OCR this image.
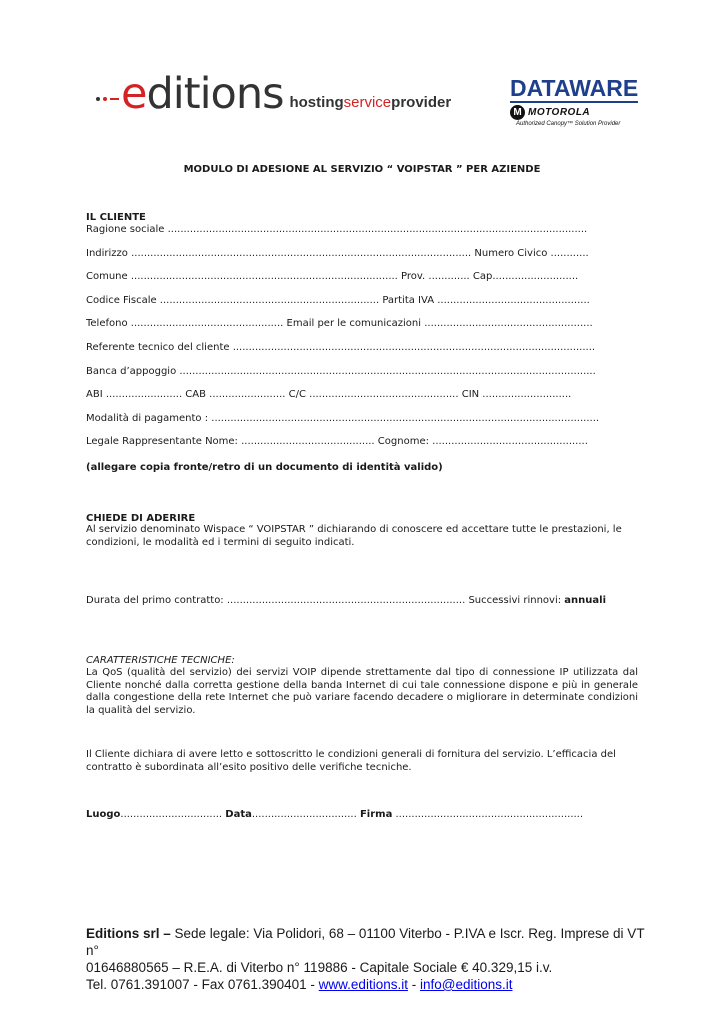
e ditions hostingserviceprovider
DATAWARE
M MOTOROLA
Authorized Canopy™ Solution Provider
MODULO DI ADESIONE AL SERVIZIO “ VOIPSTAR ” PER AZIENDE
IL CLIENTE
Ragione sociale ....................................................................................................................................
Indirizzo ........................................................................................................... Numero Civico ............
Comune .................................................................................... Prov. ............. Cap...........................
Codice Fiscale ..................................................................... Partita IVA ................................................
Telefono ................................................ Email per le comunicazioni .....................................................
Referente tecnico del cliente ..................................................................................................................
Banca d’appoggio ...................................................................................................................................
ABI ........................ CAB ........................ C/C ............................................... CIN ............................
Modalità di pagamento : ..........................................................................................................................
Legale Rappresentante Nome: .......................................... Cognome: .................................................
(allegare copia fronte/retro di un documento di identità valido)
CHIEDE DI ADERIRE
Al servizio denominato Wispace “ VOIPSTAR ” dichiarando di conoscere ed accettare tutte le prestazioni, le condizioni, le modalità ed i termini di seguito indicati.
Durata del primo contratto: ........................................................................... Successivi rinnovi: annuali
CARATTERISTICHE TECNICHE:
La QoS (qualità del servizio) dei servizi VOIP dipende strettamente dal tipo di connessione IP utilizzata dal Cliente nonché dalla corretta gestione della banda Internet di cui tale connessione dispone e più in generale dalla congestione della rete Internet che può variare facendo decadere o migliorare in determinate condizioni la qualità del servizio.
Il Cliente dichiara di avere letto e sottoscritto le condizioni generali di fornitura del servizio. L’efficacia del contratto è subordinata all’esito positivo delle verifiche tecniche.
Luogo................................ Data................................. Firma ...........................................................
Editions srl – Sede legale: Via Polidori, 68 – 01100 Viterbo - P.IVA e Iscr. Reg. Imprese di VT n°
01646880565 – R.E.A. di Viterbo n° 119886 - Capitale Sociale € 40.329,15 i.v.
Tel. 0761.391007 - Fax 0761.390401 - www.editions.it - info@editions.it
